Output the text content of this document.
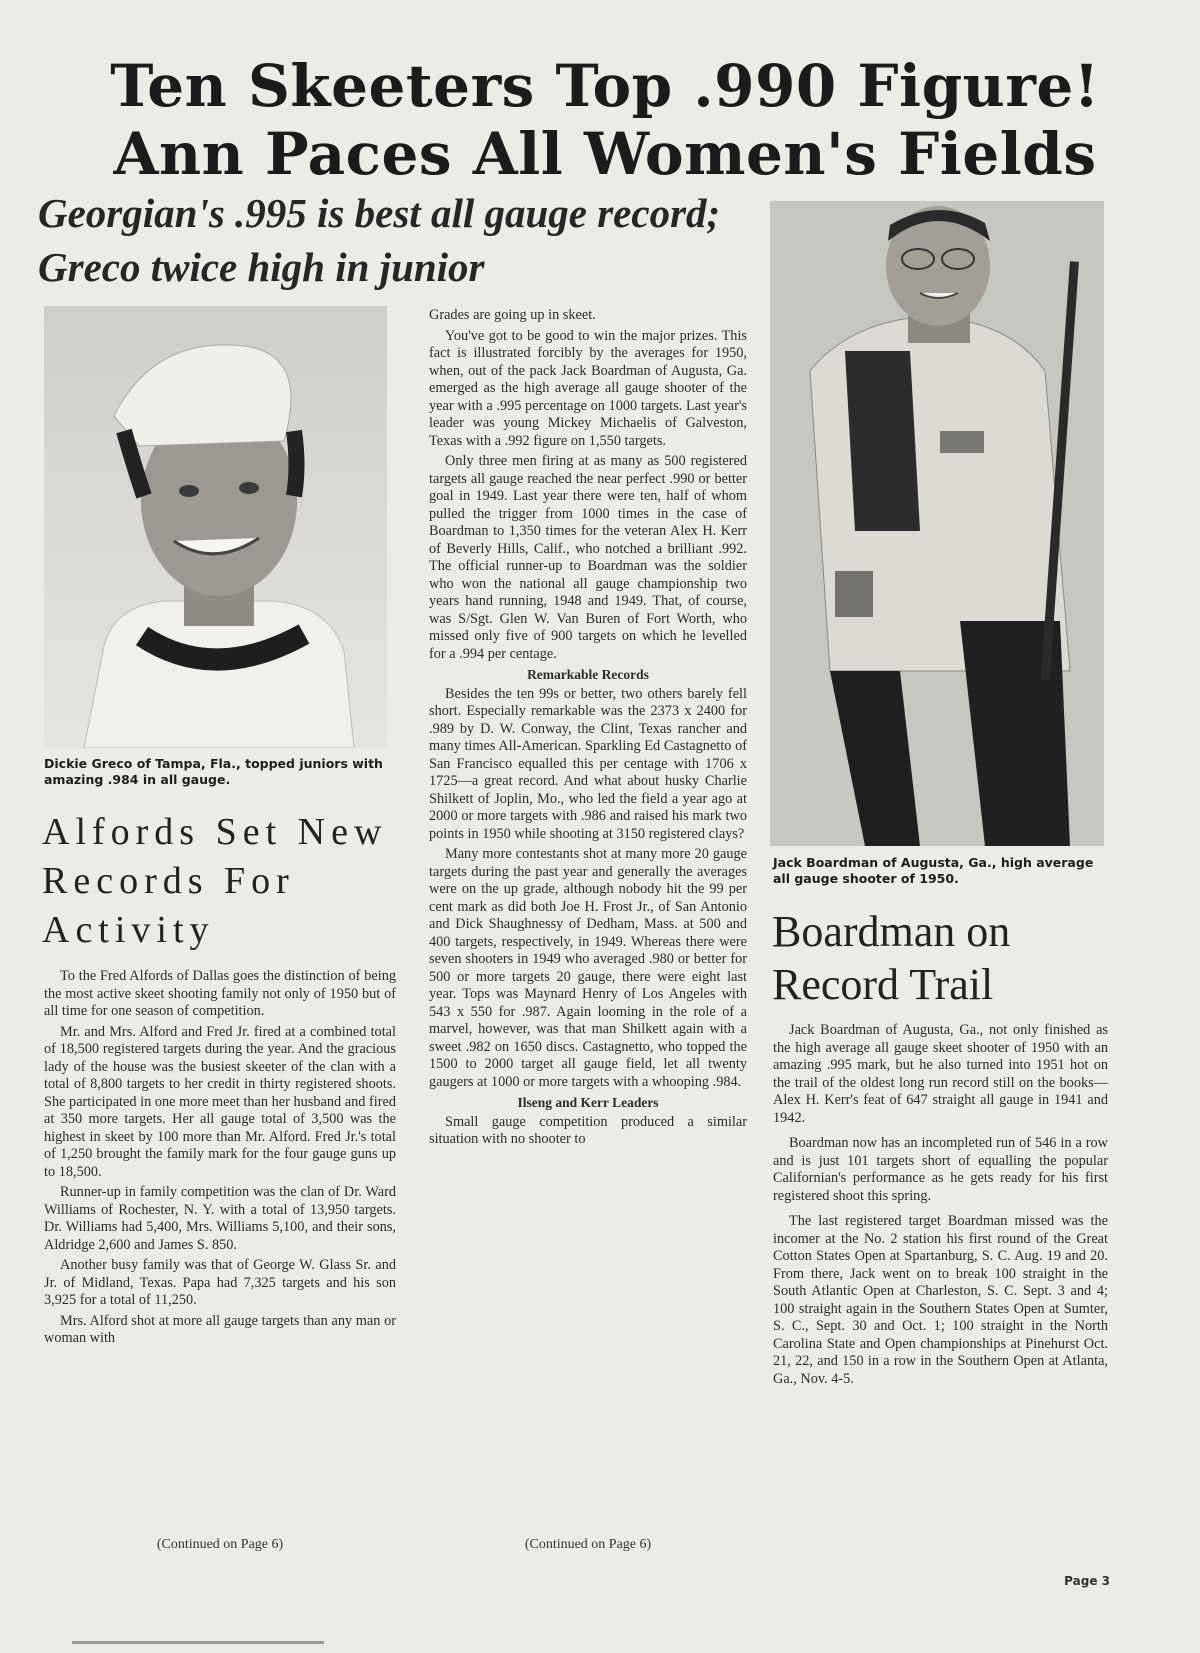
Ten Skeeters Top .990 Figure!
Ann Paces All Women's Fields
Georgian's .995 is best all gauge record; Greco twice high in junior

Dickie Greco of Tampa, Fla., topped juniors with amazing .984 in all gauge.

Alfords Set New Records For Activity

To the Fred Alfords of Dallas goes the distinction of being the most active skeet shooting family not only of 1950 but of all time for one season of competition.

Mr. and Mrs. Alford and Fred Jr. fired at a combined total of 18,500 registered targets during the year. And the gracious lady of the house was the busiest skeeter of the clan with a total of 8,800 targets to her credit in thirty registered shoots. She participated in one more meet than her husband and fired at 350 more targets. Her all gauge total of 3,500 was the highest in skeet by 100 more than Mr. Alford. Fred Jr.'s total of 1,250 brought the family mark for the four gauge guns up to 18,500.

Runner-up in family competition was the clan of Dr. Ward Williams of Rochester, N. Y. with a total of 13,950 targets. Dr. Williams had 5,400, Mrs. Williams 5,100, and their sons, Aldridge 2,600 and James S. 850.

Another busy family was that of George W. Glass Sr. and Jr. of Midland, Texas. Papa had 7,325 targets and his son 3,925 for a total of 11,250.

Mrs. Alford shot at more all gauge targets than any man or woman with

(Continued on Page 6)

Grades are going up in skeet.

You've got to be good to win the major prizes. This fact is illustrated forcibly by the averages for 1950, when, out of the pack Jack Boardman of Augusta, Ga. emerged as the high average all gauge shooter of the year with a .995 percentage on 1000 targets. Last year's leader was young Mickey Michaelis of Galveston, Texas with a .992 figure on 1,550 targets.

Only three men firing at as many as 500 registered targets all gauge reached the near perfect .990 or better goal in 1949. Last year there were ten, half of whom pulled the trigger from 1000 times in the case of Boardman to 1,350 times for the veteran Alex H. Kerr of Beverly Hills, Calif., who notched a brilliant .992. The official runner-up to Boardman was the soldier who won the national all gauge championship two years hand running, 1948 and 1949. That, of course, was S/Sgt. Glen W. Van Buren of Fort Worth, who missed only five of 900 targets on which he levelled for a .994 per centage.

Remarkable Records

Besides the ten 99s or better, two others barely fell short. Especially remarkable was the 2373 x 2400 for .989 by D. W. Conway, the Clint, Texas rancher and many times All-American. Sparkling Ed Castagnetto of San Francisco equalled this per centage with 1706 x 1725—a great record. And what about husky Charlie Shilkett of Joplin, Mo., who led the field a year ago at 2000 or more targets with .986 and raised his mark two points in 1950 while shooting at 3150 registered clays?

Many more contestants shot at many more 20 gauge targets during the past year and generally the averages were on the up grade, although nobody hit the 99 per cent mark as did both Joe H. Frost Jr., of San Antonio and Dick Shaughnessy of Dedham, Mass. at 500 and 400 targets, respectively, in 1949. Whereas there were seven shooters in 1949 who averaged .980 or better for 500 or more targets 20 gauge, there were eight last year. Tops was Maynard Henry of Los Angeles with 543 x 550 for .987. Again looming in the role of a marvel, however, was that man Shilkett again with a sweet .982 on 1650 discs. Castagnetto, who topped the 1500 to 2000 target all gauge field, let all twenty gaugers at 1000 or more targets with a whooping .984.

Ilseng and Kerr Leaders

Small gauge competition produced a similar situation with no shooter to

(Continued on Page 6)

Jack Boardman of Augusta, Ga., high average all gauge shooter of 1950.

Boardman on Record Trail

Jack Boardman of Augusta, Ga., not only finished as the high average all gauge skeet shooter of 1950 with an amazing .995 mark, but he also turned into 1951 hot on the trail of the oldest long run record still on the books—Alex H. Kerr's feat of 647 straight all gauge in 1941 and 1942.

Boardman now has an incompleted run of 546 in a row and is just 101 targets short of equalling the popular Californian's performance as he gets ready for his first registered shoot this spring.

The last registered target Boardman missed was the incomer at the No. 2 station his first round of the Great Cotton States Open at Spartanburg, S. C. Aug. 19 and 20. From there, Jack went on to break 100 straight in the South Atlantic Open at Charleston, S. C. Sept. 3 and 4; 100 straight again in the Southern States Open at Sumter, S. C., Sept. 30 and Oct. 1; 100 straight in the North Carolina State and Open championships at Pinehurst Oct. 21, 22, and 150 in a row in the Southern Open at Atlanta, Ga., Nov. 4-5.

Page 3
